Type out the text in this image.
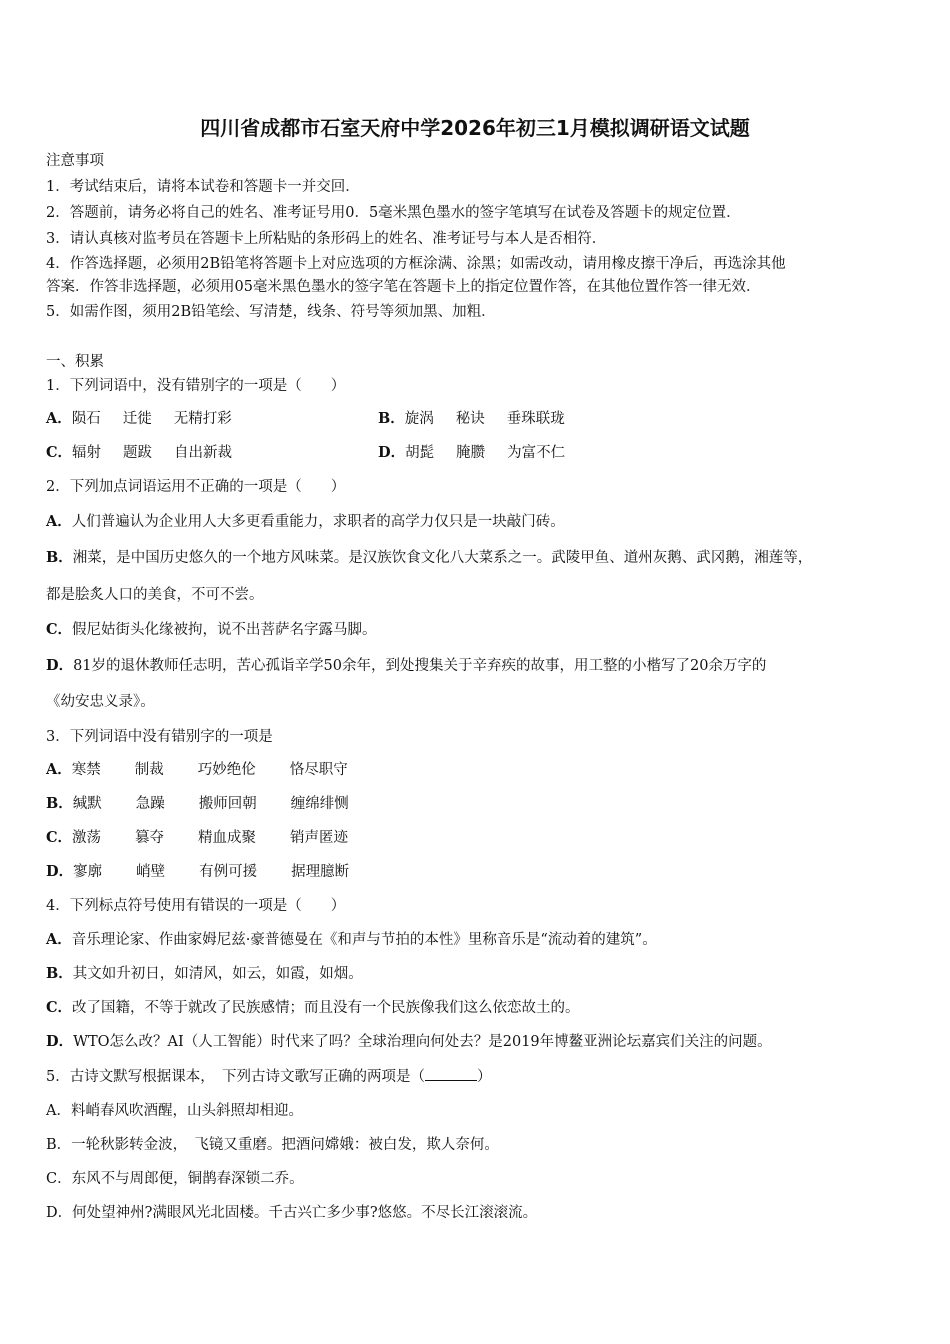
四川省成都市石室天府中学2026年初三1月模拟调研语文试题
注意事项
1．考试结束后，请将本试卷和答题卡一并交回．
2．答题前，请务必将自己的姓名、准考证号用0．5毫米黑色墨水的签字笔填写在试卷及答题卡的规定位置．
3．请认真核对监考员在答题卡上所粘贴的条形码上的姓名、准考证号与本人是否相符．
4．作答选择题，必须用2B铅笔将答题卡上对应选项的方框涂满、涂黑；如需改动，请用橡皮擦干净后，再选涂其他
答案．作答非选择题，必须用05毫米黑色墨水的签字笔在答题卡上的指定位置作答，在其他位置作答一律无效．
5．如需作图，须用2B铅笔绘、写清楚，线条、符号等须加黑、加粗．
一、积累
1．下列词语中，没有错别字的一项是（　　）
A．陨石 迁徙 无精打彩	B．旋涡 秘诀 垂珠联珑
C．辐射 题跋 自出新裁	D．胡髭 腌臜 为富不仁
2．下列加点词语运用不正确的一项是（　　）
A．人们普遍认为企业用人大多更看重能力，求职者的高学力仅只是一块敲门砖。
B．湘菜，是中国历史悠久的一个地方风味菜。是汉族饮食文化八大菜系之一。武陵甲鱼、道州灰鹅、武冈鹅，湘莲等，
都是脍炙人口的美食，不可不尝。
C．假尼姑街头化缘被拘，说不出菩萨名字露马脚。
D．81岁的退休教师任志明，苦心孤诣辛学50余年，到处搜集关于辛弃疾的故事，用工整的小楷写了20余万字的
《幼安忠义录》。
3．下列词语中没有错别字的一项是
A．寒禁 制裁 巧妙绝伦 恪尽职守
B．缄默 急躁 搬师回朝 缠绵绯恻
C．激荡 篡夺 精血成聚 销声匿迹
D．寥廓 峭壁 有例可援 据理臆断
4．下列标点符号使用有错误的一项是（　　）
A．音乐理论家、作曲家姆尼兹·豪普德曼在《和声与节拍的本性》里称音乐是“流动着的建筑”。
B．其文如升初日，如清风，如云，如霞，如烟。
C．改了国籍，不等于就改了民族感情；而且没有一个民族像我们这么依恋故土的。
D．WTO怎么改？AI（人工智能）时代来了吗？全球治理向何处去？是2019年博鳌亚洲论坛嘉宾们关注的问题。
5．古诗文默写根据课本，　下列古诗文歌写正确的两项是（	）
A．料峭春风吹酒醒，山头斜照却相迎。
B．一轮秋影转金波，　飞镜又重磨。把酒问嫦娥：被白发，欺人奈何。
C．东风不与周郎便，铜鹊春深锁二乔。
D．何处望神州?满眼风光北固楼。千古兴亡多少事?悠悠。不尽长江滚滚流。
